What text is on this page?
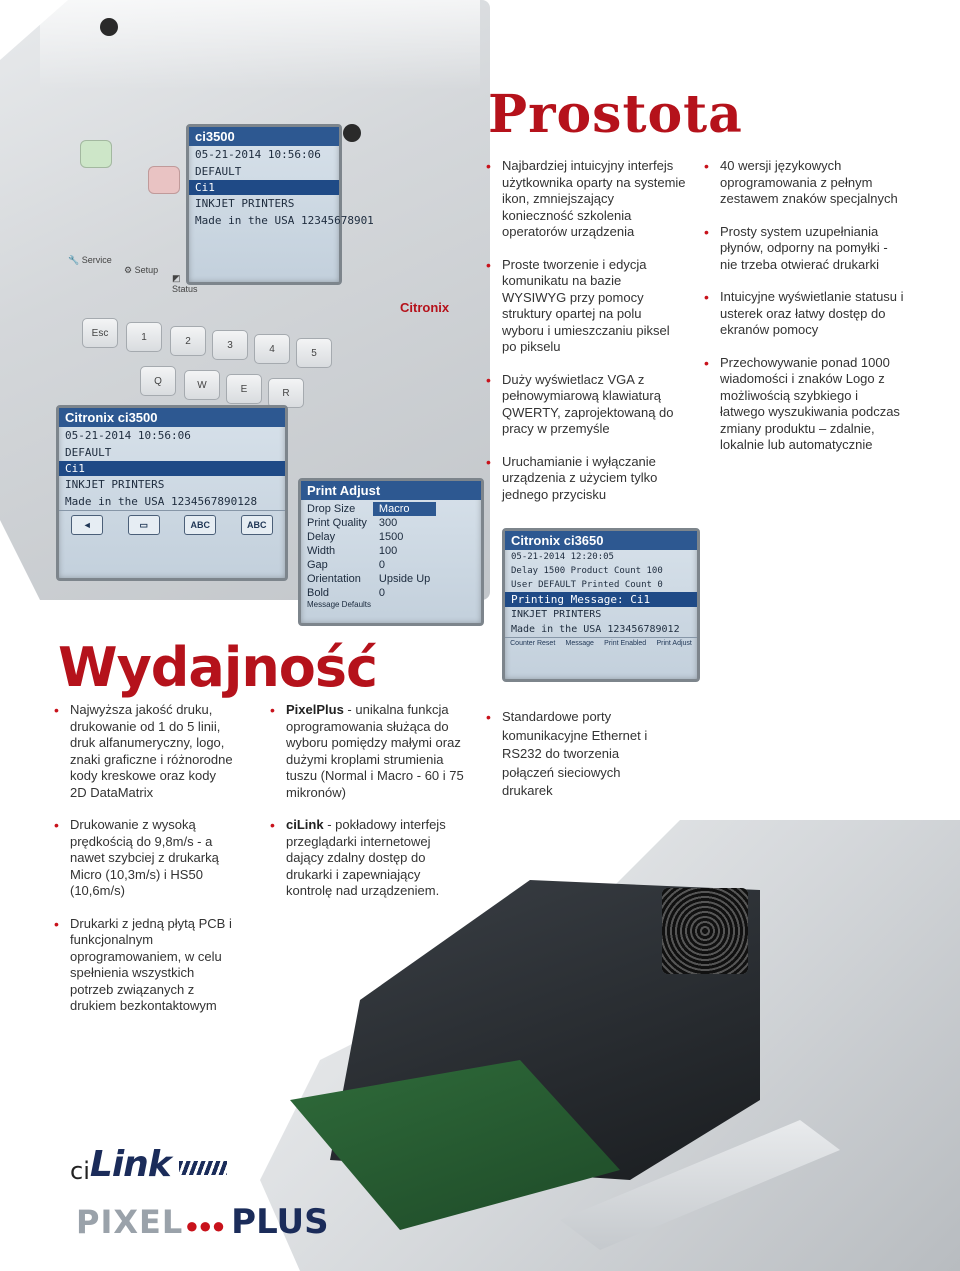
ci3500
05-21-2014 10:56:06
DEFAULT
Ci1
INKJET PRINTERS
Made in the USA 12345678901
🔧 Service
⚙ Setup
◩ Status
Esc	1	2	3	4	5
Q	W	E	R
Citronix
Citronix ci3500
05-21-2014 10:56:06
DEFAULT
Ci1
INKJET PRINTERS
Made in the USA 1234567890128
◄	▭	ABC	ABC
Print Adjust
Drop Size	Macro
Print Quality	300
Delay	1500
Width	100
Gap	0
Orientation	Upside Up
Bold	0
Message Defaults
Citronix ci3650
05-21-2014 12:20:05
Delay 1500 Product Count 100
User DEFAULT Printed Count 0
Printing Message: Ci1
INKJET PRINTERS
Made in the USA 123456789012
Counter Reset Message Print Enabled Print Adjust
Prostota
• Najbardziej intuicyjny interfejs użytkownika oparty na systemie ikon, zmniejszający konieczność szkolenia operatorów urządzenia
• Proste tworzenie i edycja komunikatu na bazie WYSIWYG przy pomocy struktury opartej na polu wyboru i umieszczaniu piksel po pikselu
• Duży wyświetlacz VGA z pełnowymiarową klawiaturą QWERTY, zaprojektowaną do pracy w przemyśle
• Uruchamianie i wyłączanie urządzenia z użyciem tylko jednego przycisku
• 40 wersji językowych oprogramowania z pełnym zestawem znaków specjalnych
• Prosty system uzupełniania płynów, odporny na pomyłki - nie trzeba otwierać drukarki
• Intuicyjne wyświetlanie statusu i usterek oraz łatwy dostęp do ekranów pomocy
• Przechowywanie ponad 1000 wiadomości i znaków Logo z możliwością szybkiego i łatwego wyszukiwania podczas zmiany produktu – zdalnie, lokalnie lub automatycznie
Wydajność
• Najwyższa jakość druku, drukowanie od 1 do 5 linii, druk alfanumeryczny, logo, znaki graficzne i różnorodne kody kreskowe oraz kody 2D DataMatrix
• Drukowanie z wysoką prędkością do 9,8m/s - a nawet szybciej z drukarką Micro (10,3m/s) i HS50 (10,6m/s)
• Drukarki z jedną płytą PCB i funkcjonalnym oprogramowaniem, w celu spełnienia wszystkich potrzeb związanych z drukiem bezkontaktowym
• PixelPlus - unikalna funkcja oprogramowania służąca do wyboru pomiędzy małymi oraz dużymi kroplami strumienia tuszu (Normal i Macro - 60 i 75 mikronów)
• ciLink - pokładowy interfejs przeglądarki internetowej dający zdalny dostęp do drukarki i zapewniający kontrolę nad urządzeniem.
• Standardowe porty komunikacyjne Ethernet i RS232 do tworzenia połączeń sieciowych drukarek
ci Link
PIXEL ●●● PLUS
